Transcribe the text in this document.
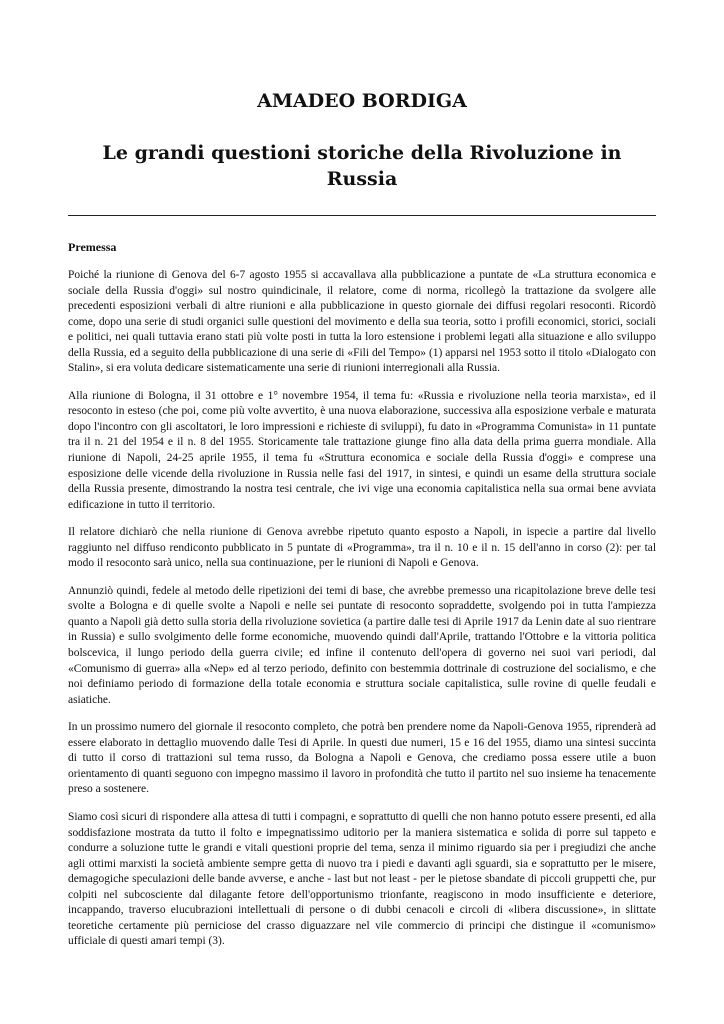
AMADEO BORDIGA
Le grandi questioni storiche della Rivoluzione in Russia
Premessa

Poiché la riunione di Genova del 6-7 agosto 1955 si accavallava alla pubblicazione a puntate de «La struttura economica e sociale della Russia d'oggi» sul nostro quindicinale, il relatore, come di norma, ricollegò la trattazione da svolgere alle precedenti esposizioni verbali di altre riunioni e alla pubblicazione in questo giornale dei diffusi regolari resoconti. Ricordò come, dopo una serie di studi organici sulle questioni del movimento e della sua teoria, sotto i profili economici, storici, sociali e politici, nei quali tuttavia erano stati più volte posti in tutta la loro estensione i problemi legati alla situazione e allo sviluppo della Russia, ed a seguito della pubblicazione di una serie di «Fili del Tempo» (1) apparsi nel 1953 sotto il titolo «Dialogato con Stalin», si era voluta dedicare sistematicamente una serie di riunioni interregionali alla Russia.

Alla riunione di Bologna, il 31 ottobre e 1° novembre 1954, il tema fu: «Russia e rivoluzione nella teoria marxista», ed il resoconto in esteso (che poi, come più volte avvertito, è una nuova elaborazione, successiva alla esposizione verbale e maturata dopo l'incontro con gli ascoltatori, le loro impressioni e richieste di sviluppi), fu dato in «Programma Comunista» in 11 puntate tra il n. 21 del 1954 e il n. 8 del 1955. Storicamente tale trattazione giunge fino alla data della prima guerra mondiale. Alla riunione di Napoli, 24-25 aprile 1955, il tema fu «Struttura economica e sociale della Russia d'oggi» e comprese una esposizione delle vicende della rivoluzione in Russia nelle fasi del 1917, in sintesi, e quindi un esame della struttura sociale della Russia presente, dimostrando la nostra tesi centrale, che ivi vige una economia capitalistica nella sua ormai bene avviata edificazione in tutto il territorio.

Il relatore dichiarò che nella riunione di Genova avrebbe ripetuto quanto esposto a Napoli, in ispecie a partire dal livello raggiunto nel diffuso rendiconto pubblicato in 5 puntate di «Programma», tra il n. 10 e il n. 15 dell'anno in corso (2): per tal modo il resoconto sarà unico, nella sua continuazione, per le riunioni di Napoli e Genova.

Annunziò quindi, fedele al metodo delle ripetizioni dei temi di base, che avrebbe premesso una ricapitolazione breve delle tesi svolte a Bologna e di quelle svolte a Napoli e nelle sei puntate di resoconto sopraddette, svolgendo poi in tutta l'ampiezza quanto a Napoli già detto sulla storia della rivoluzione sovietica (a partire dalle tesi di Aprile 1917 da Lenin date al suo rientrare in Russia) e sullo svolgimento delle forme economiche, muovendo quindi dall'Aprile, trattando l'Ottobre e la vittoria politica bolscevica, il lungo periodo della guerra civile; ed infine il contenuto dell'opera di governo nei suoi vari periodi, dal «Comunismo di guerra» alla «Nep» ed al terzo periodo, definito con bestemmia dottrinale di costruzione del socialismo, e che noi definiamo periodo di formazione della totale economia e struttura sociale capitalistica, sulle rovine di quelle feudali e asiatiche.

In un prossimo numero del giornale il resoconto completo, che potrà ben prendere nome da Napoli-Genova 1955, riprenderà ad essere elaborato in dettaglio muovendo dalle Tesi di Aprile. In questi due numeri, 15 e 16 del 1955, diamo una sintesi succinta di tutto il corso di trattazioni sul tema russo, da Bologna a Napoli e Genova, che crediamo possa essere utile a buon orientamento di quanti seguono con impegno massimo il lavoro in profondità che tutto il partito nel suo insieme ha tenacemente preso a sostenere.

Siamo così sicuri di rispondere alla attesa di tutti i compagni, e soprattutto di quelli che non hanno potuto essere presenti, ed alla soddisfazione mostrata da tutto il folto e impegnatissimo uditorio per la maniera sistematica e solida di porre sul tappeto e condurre a soluzione tutte le grandi e vitali questioni proprie del tema, senza il minimo riguardo sia per i pregiudizi che anche agli ottimi marxisti la società ambiente sempre getta di nuovo tra i piedi e davanti agli sguardi, sia e soprattutto per le misere, demagogiche speculazioni delle bande avverse, e anche - last but not least - per le pietose sbandate di piccoli gruppetti che, pur colpiti nel subcosciente dal dilagante fetore dell'opportunismo trionfante, reagiscono in modo insufficiente e deteriore, incappando, traverso elucubrazioni intellettuali di persone o di dubbi cenacoli e circoli di «libera discussione», in slittate teoretiche certamente più perniciose del crasso diguazzare nel vile commercio di principi che distingue il «comunismo» ufficiale di questi amari tempi (3).
